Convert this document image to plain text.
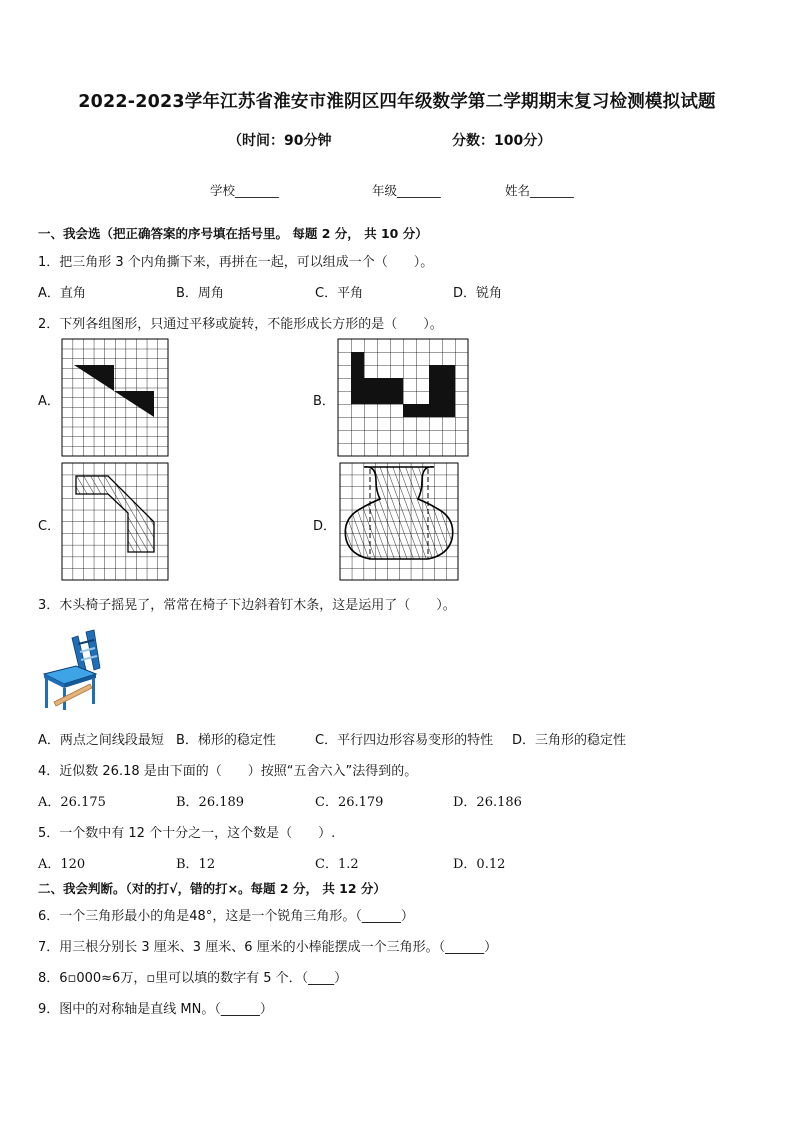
2022-2023学年江苏省淮安市淮阴区四年级数学第二学期期末复习检测模拟试题
（时间：90分钟	分数：100分）
学校_______	年级_______	姓名_______
一、我会选（把正确答案的序号填在括号里。 每题 2 分， 共 10 分）
1．把三角形 3 个内角撕下来，再拼在一起，可以组成一个（　　）。
A．直角	B．周角	C．平角	D．锐角
2．下列各组图形，只通过平移或旋转，不能形成长方形的是（　　）。
A．	B．
C．	D．
3．木头椅子摇晃了，常常在椅子下边斜着钉木条，这是运用了（　　）。
A．两点之间线段最短 B．梯形的稳定性	C．平行四边形容易变形的特性 D．三角形的稳定性
4．近似数 26.18 是由下面的（　　）按照“五舍六入”法得到的。
A．26.175	B．26.189	C．26.179	D．26.186
5．一个数中有 12 个十分之一，这个数是（　　）.
A．120	B．12	C．1.2	D．0.12
二、我会判断。（对的打√，错的打×。每题 2 分， 共 12 分）
6．一个三角形最小的角是48°，这是一个锐角三角形。（______）
7．用三根分别长 3 厘米、3 厘米、6 厘米的小棒能摆成一个三角形。（______）
8．6▫000≈6万，▫里可以填的数字有 5 个．（____）
9．图中的对称轴是直线 MN。（______）
